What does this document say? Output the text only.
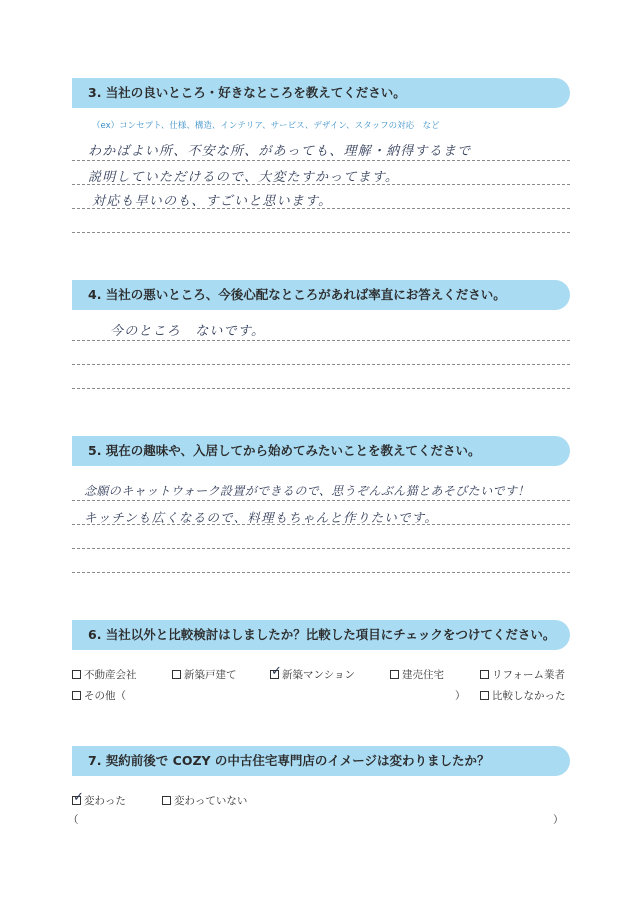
3. 当社の良いところ・好きなところを教えてください。
（ex）コンセプト、仕様、構造、インテリア、サービス、デザイン、スタッフの対応　など
わかばよい所、不安な所、があっても、理解・納得するまで
説明していただけるので、大変たすかってます。
対応も早いのも、すごいと思います。
4. 当社の悪いところ、今後心配なところがあれば率直にお答えください。
今のところ　ないです。
5. 現在の趣味や、入居してから始めてみたいことを教えてください。
念願のキャットウォーク設置ができるので、思うぞんぶん猫とあそびたいです！
キッチンも広くなるので、料理もちゃんと作りたいです。
6. 当社以外と比較検討はしましたか？比較した項目にチェックをつけてください。
不動産会社	新築戸建て
✓	新築マンション	建売住宅	リフォーム業者
その他（	）	比較しなかった
7. 契約前後で COZY の中古住宅専門店のイメージは変わりましたか？
✓
変わった	変わっていない
（	）
